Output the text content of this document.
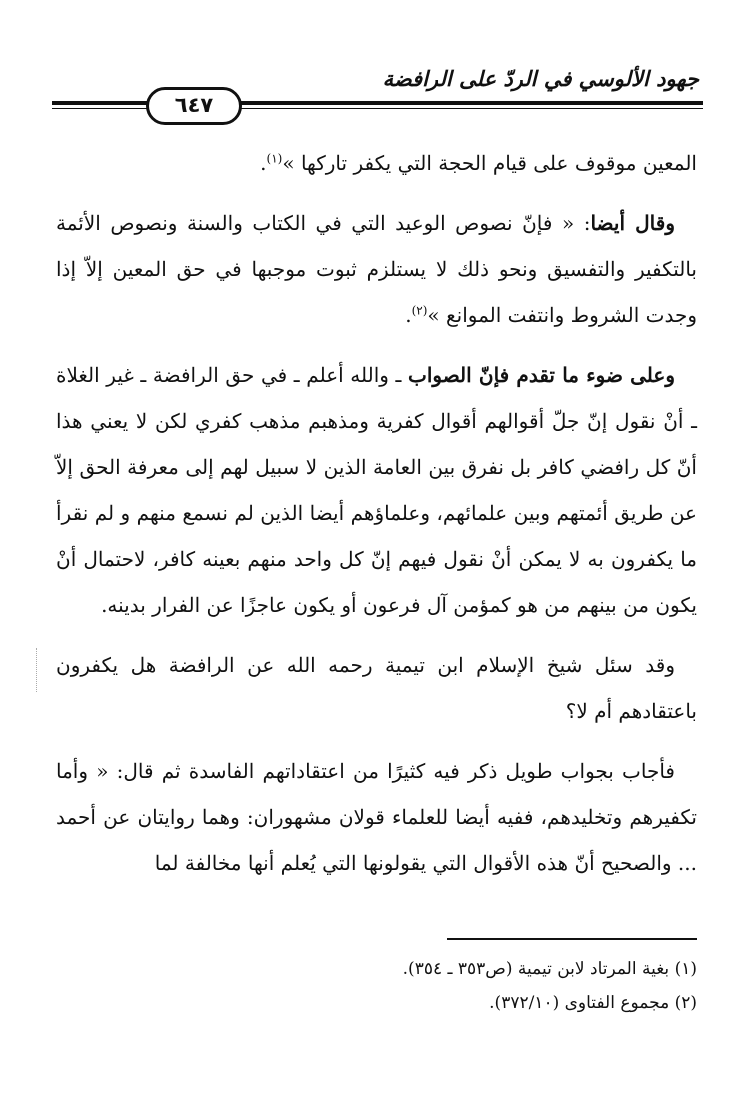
جهود الألوسي في الردّ على الرافضة
٦٤٧

المعين موقوف على قيام الحجة التي يكفر تاركها »$^{(١)}$.

وقال أيضا: « فإنّ نصوص الوعيد التي في الكتاب والسنة ونصوص الأئمة بالتكفير والتفسيق ونحو ذلك لا يستلزم ثبوت موجبها في حق المعين إلاّ إذا وجدت الشروط وانتفت الموانع »$^{(٢)}$.

وعلى ضوء ما تقدم فإنّ الصواب ـ والله أعلم ـ في حق الرافضة ـ غير الغلاة ـ أنْ نقول إنّ جلّ أقوالهم أقوال كفرية ومذهبم مذهب كفري لكن لا يعني هذا أنّ كل رافضي كافر بل نفرق بين العامة الذين لا سبيل لهم إلى معرفة الحق إلاّ عن طريق أئمتهم وبين علمائهم، وعلماؤهم أيضا الذين لم نسمع منهم و لم نقرأ ما يكفرون به لا يمكن أنْ نقول فيهم إنّ كل واحد منهم بعينه كافر، لاحتمال أنْ يكون من بينهم من هو كمؤمن آل فرعون أو يكون عاجزًا عن الفرار بدينه.

وقد سئل شيخ الإسلام ابن تيمية رحمه الله عن الرافضة هل يكفرون باعتقادهم أم لا؟

فأجاب بجواب طويل ذكر فيه كثيرًا من اعتقاداتهم الفاسدة ثم قال: « وأما تكفيرهم وتخليدهم، ففيه أيضا للعلماء قولان مشهوران: وهما روايتان عن أحمد ... والصحيح أنّ هذه الأقوال التي يقولونها التي يُعلم أنها مخالفة لما

(١) بغية المرتاد لابن تيمية (ص٣٥٣ ـ ٣٥٤).
(٢) مجموع الفتاوى (٣٧٢/١٠).
